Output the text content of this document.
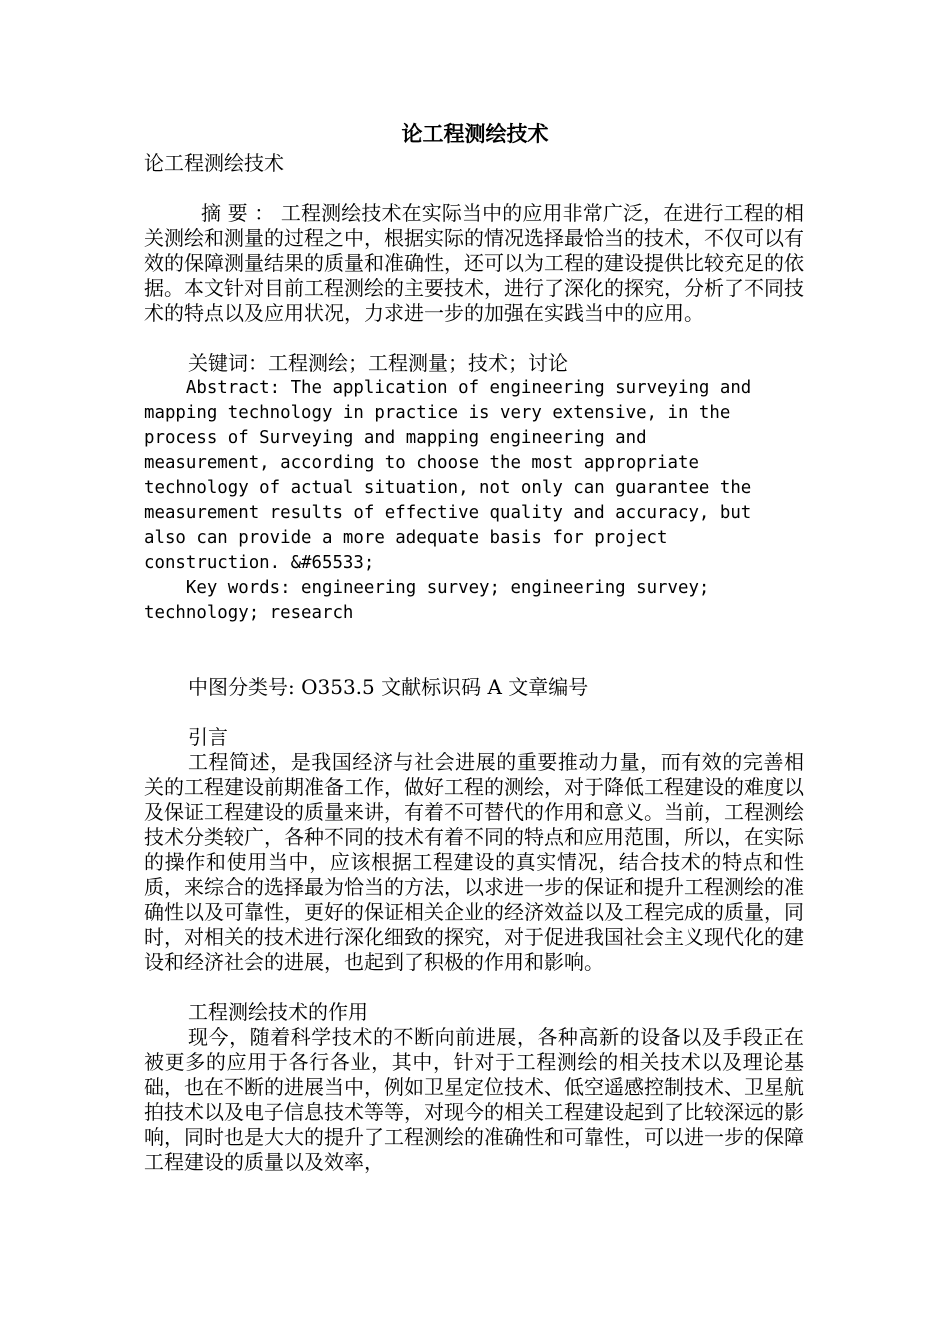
论工程测绘技术

论工程测绘技术

摘 要 ： 工程测绘技术在实际当中的应用非常广泛，在进行工程的相关测绘和测量的过程之中，根据实际的情况选择最恰当的技术，不仅可以有效的保障测量结果的质量和准确性，还可以为工程的建设提供比较充足的依据。本文针对目前工程测绘的主要技术，进行了深化的探究，分析了不同技术的特点以及应用状况，力求进一步的加强在实践当中的应用。

关键词：工程测绘；工程测量；技术；讨论

Abstract: The application of engineering surveying and
mapping technology in practice is very extensive, in the
process of Surveying and mapping engineering and
measurement, according to choose the most appropriate
technology of actual situation, not only can guarantee the
measurement results of effective quality and accuracy, but
also can provide a more adequate basis for project
construction. &#65533;

Key words: engineering survey; engineering survey;
technology; research

中图分类号: O353.5 文献标识码 A 文章编号

引言

工程简述，是我国经济与社会进展的重要推动力量，而有效的完善相关的工程建设前期准备工作，做好工程的测绘，对于降低工程建设的难度以及保证工程建设的质量来讲，有着不可替代的作用和意义。当前，工程测绘技术分类较广，各种不同的技术有着不同的特点和应用范围，所以，在实际的操作和使用当中，应该根据工程建设的真实情况，结合技术的特点和性质，来综合的选择最为恰当的方法，以求进一步的保证和提升工程测绘的准确性以及可靠性，更好的保证相关企业的经济效益以及工程完成的质量，同时，对相关的技术进行深化细致的探究，对于促进我国社会主义现代化的建设和经济社会的进展，也起到了积极的作用和影响。

工程测绘技术的作用

现今，随着科学技术的不断向前进展，各种高新的设备以及手段正在被更多的应用于各行各业，其中，针对于工程测绘的相关技术以及理论基础，也在不断的进展当中，例如卫星定位技术、低空遥感控制技术、卫星航拍技术以及电子信息技术等等，对现今的相关工程建设起到了比较深远的影响，同时也是大大的提升了工程测绘的准确性和可靠性，可以进一步的保障工程建设的质量以及效率，
